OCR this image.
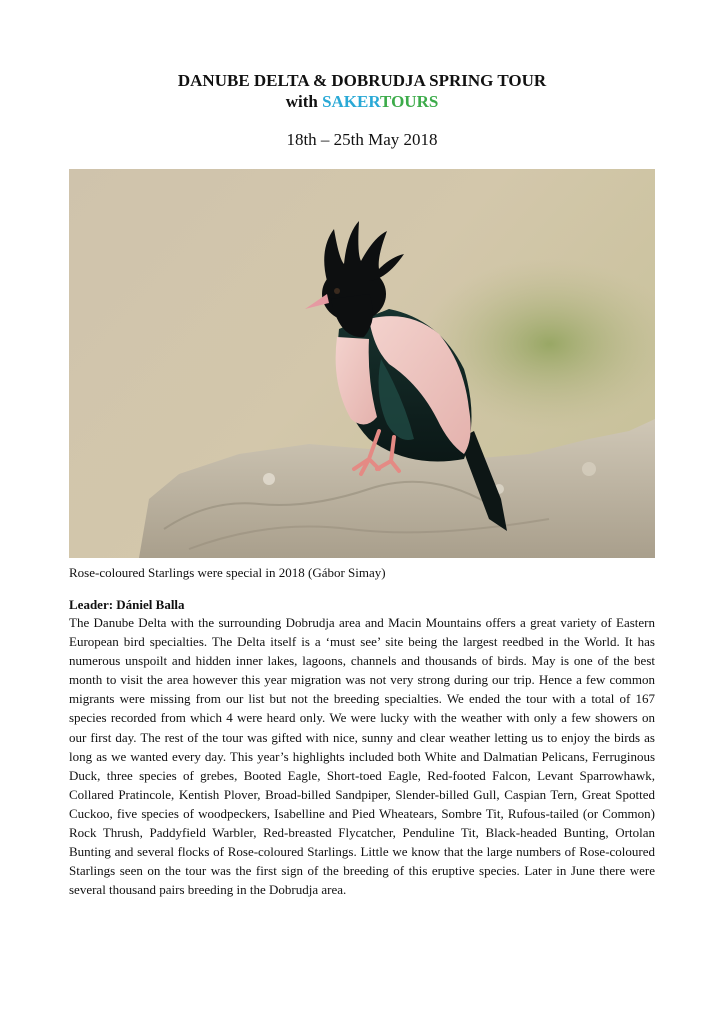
DANUBE DELTA & DOBRUDJA SPRING TOUR
with SAKERTOURS
18th – 25th May 2018
Rose-coloured Starlings were special in 2018 (Gábor Simay)
Leader: Dániel Balla
The Danube Delta with the surrounding Dobrudja area and Macin Mountains offers a great variety of Eastern European bird specialties. The Delta itself is a ‘must see’ site being the largest reedbed in the World. It has numerous unspoilt and hidden inner lakes, lagoons, channels and thousands of birds. May is one of the best month to visit the area however this year migration was not very strong during our trip. Hence a few common migrants were missing from our list but not the breeding specialties. We ended the tour with a total of 167 species recorded from which 4 were heard only. We were lucky with the weather with only a few showers on our first day. The rest of the tour was gifted with nice, sunny and clear weather letting us to enjoy the birds as long as we wanted every day. This year’s highlights included both White and Dalmatian Pelicans, Ferruginous Duck, three species of grebes, Booted Eagle, Short-toed Eagle, Red-footed Falcon, Levant Sparrowhawk, Collared Pratincole, Kentish Plover, Broad-billed Sandpiper, Slender-billed Gull, Caspian Tern, Great Spotted Cuckoo, five species of woodpeckers, Isabelline and Pied Wheatears, Sombre Tit, Rufous-tailed (or Common) Rock Thrush, Paddyfield Warbler, Red-breasted Flycatcher, Penduline Tit, Black-headed Bunting, Ortolan Bunting and several flocks of Rose-coloured Starlings. Little we know that the large numbers of Rose-coloured Starlings seen on the tour was the first sign of the breeding of this eruptive species. Later in June there were several thousand pairs breeding in the Dobrudja area.
